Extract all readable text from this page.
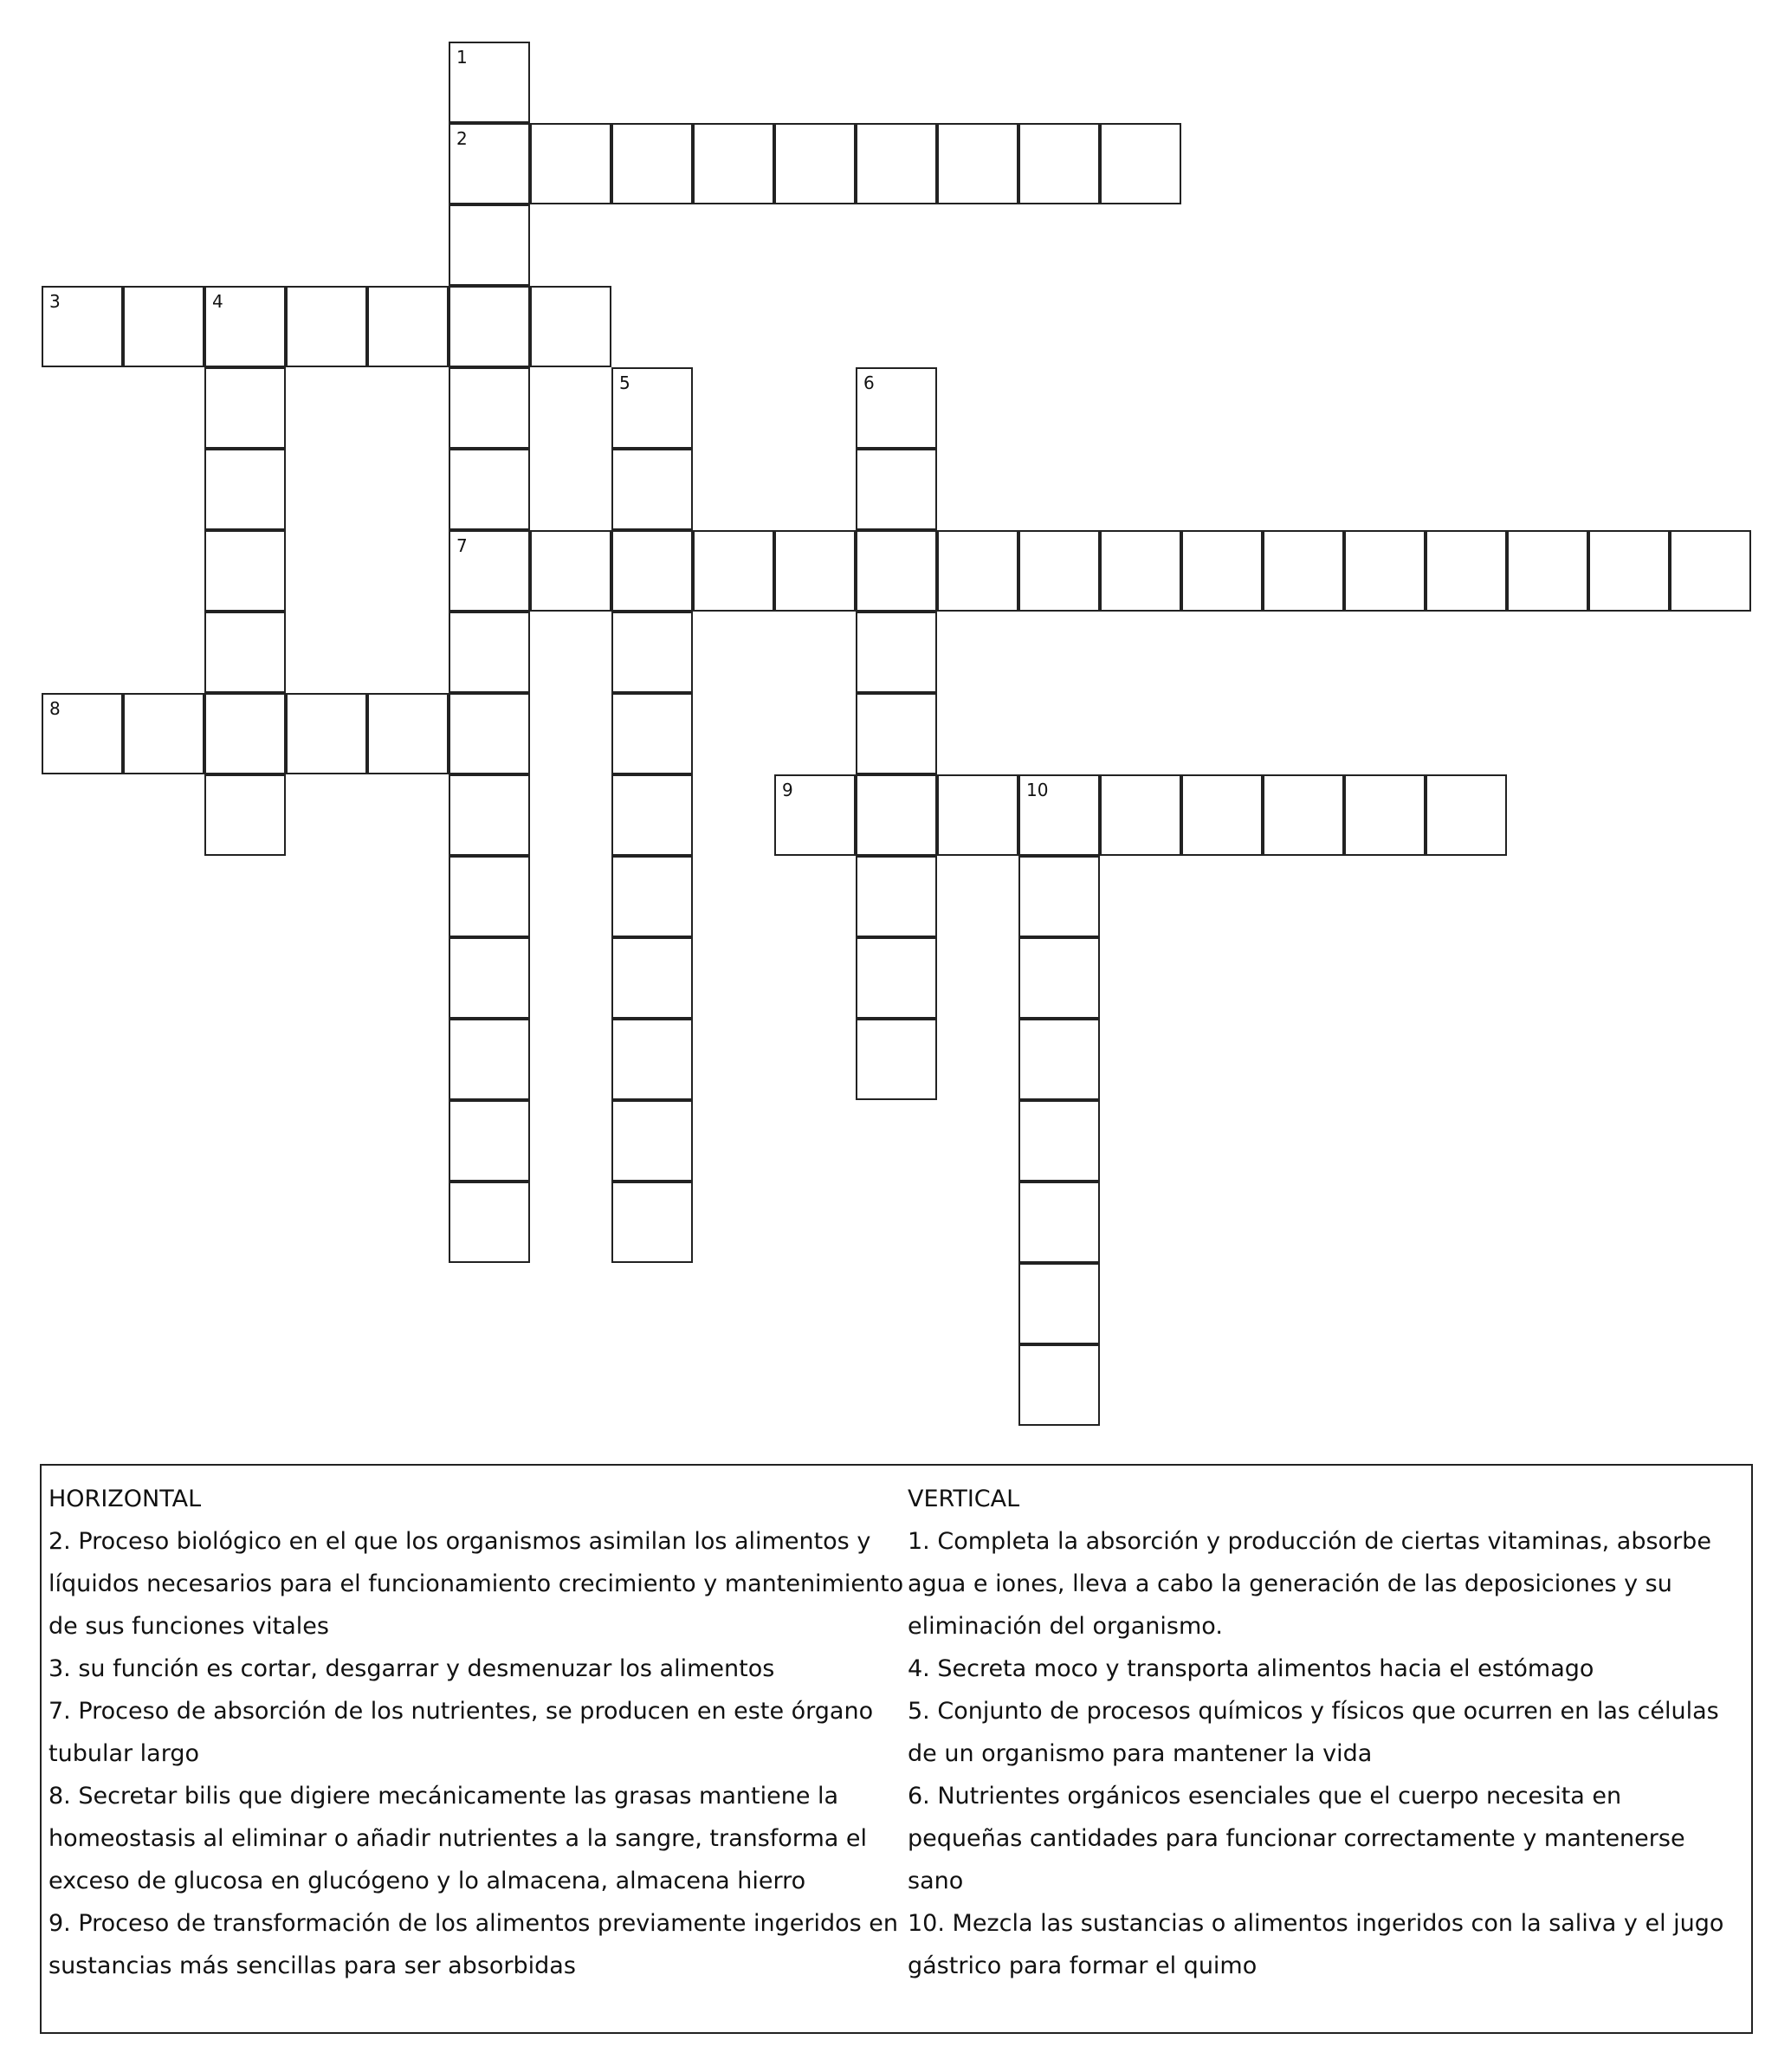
1
2
7
3	4
5	6
8
9	10
HORIZONTAL
2. Proceso biológico en el que los organismos asimilan los alimentos y líquidos necesarios para el funcionamiento crecimiento y mantenimiento de sus funciones vitales
3. su función es cortar, desgarrar y desmenuzar los alimentos
7. Proceso de absorción de los nutrientes, se producen en este órgano tubular largo
8. Secretar bilis que digiere mecánicamente las grasas mantiene la homeostasis al eliminar o añadir nutrientes a la sangre, transforma el exceso de glucosa en glucógeno y lo almacena, almacena hierro
9. Proceso de transformación de los alimentos previamente ingeridos en sustancias más sencillas para ser absorbidas
VERTICAL
1. Completa la absorción y producción de ciertas vitaminas, absorbe agua e iones, lleva a cabo la generación de las deposiciones y su eliminación del organismo.
4. Secreta moco y transporta alimentos hacia el estómago
5. Conjunto de procesos químicos y físicos que ocurren en las células de un organismo para mantener la vida
6. Nutrientes orgánicos esenciales que el cuerpo necesita en pequeñas cantidades para funcionar correctamente y mantenerse sano
10. Mezcla las sustancias o alimentos ingeridos con la saliva y el jugo gástrico para formar el quimo
